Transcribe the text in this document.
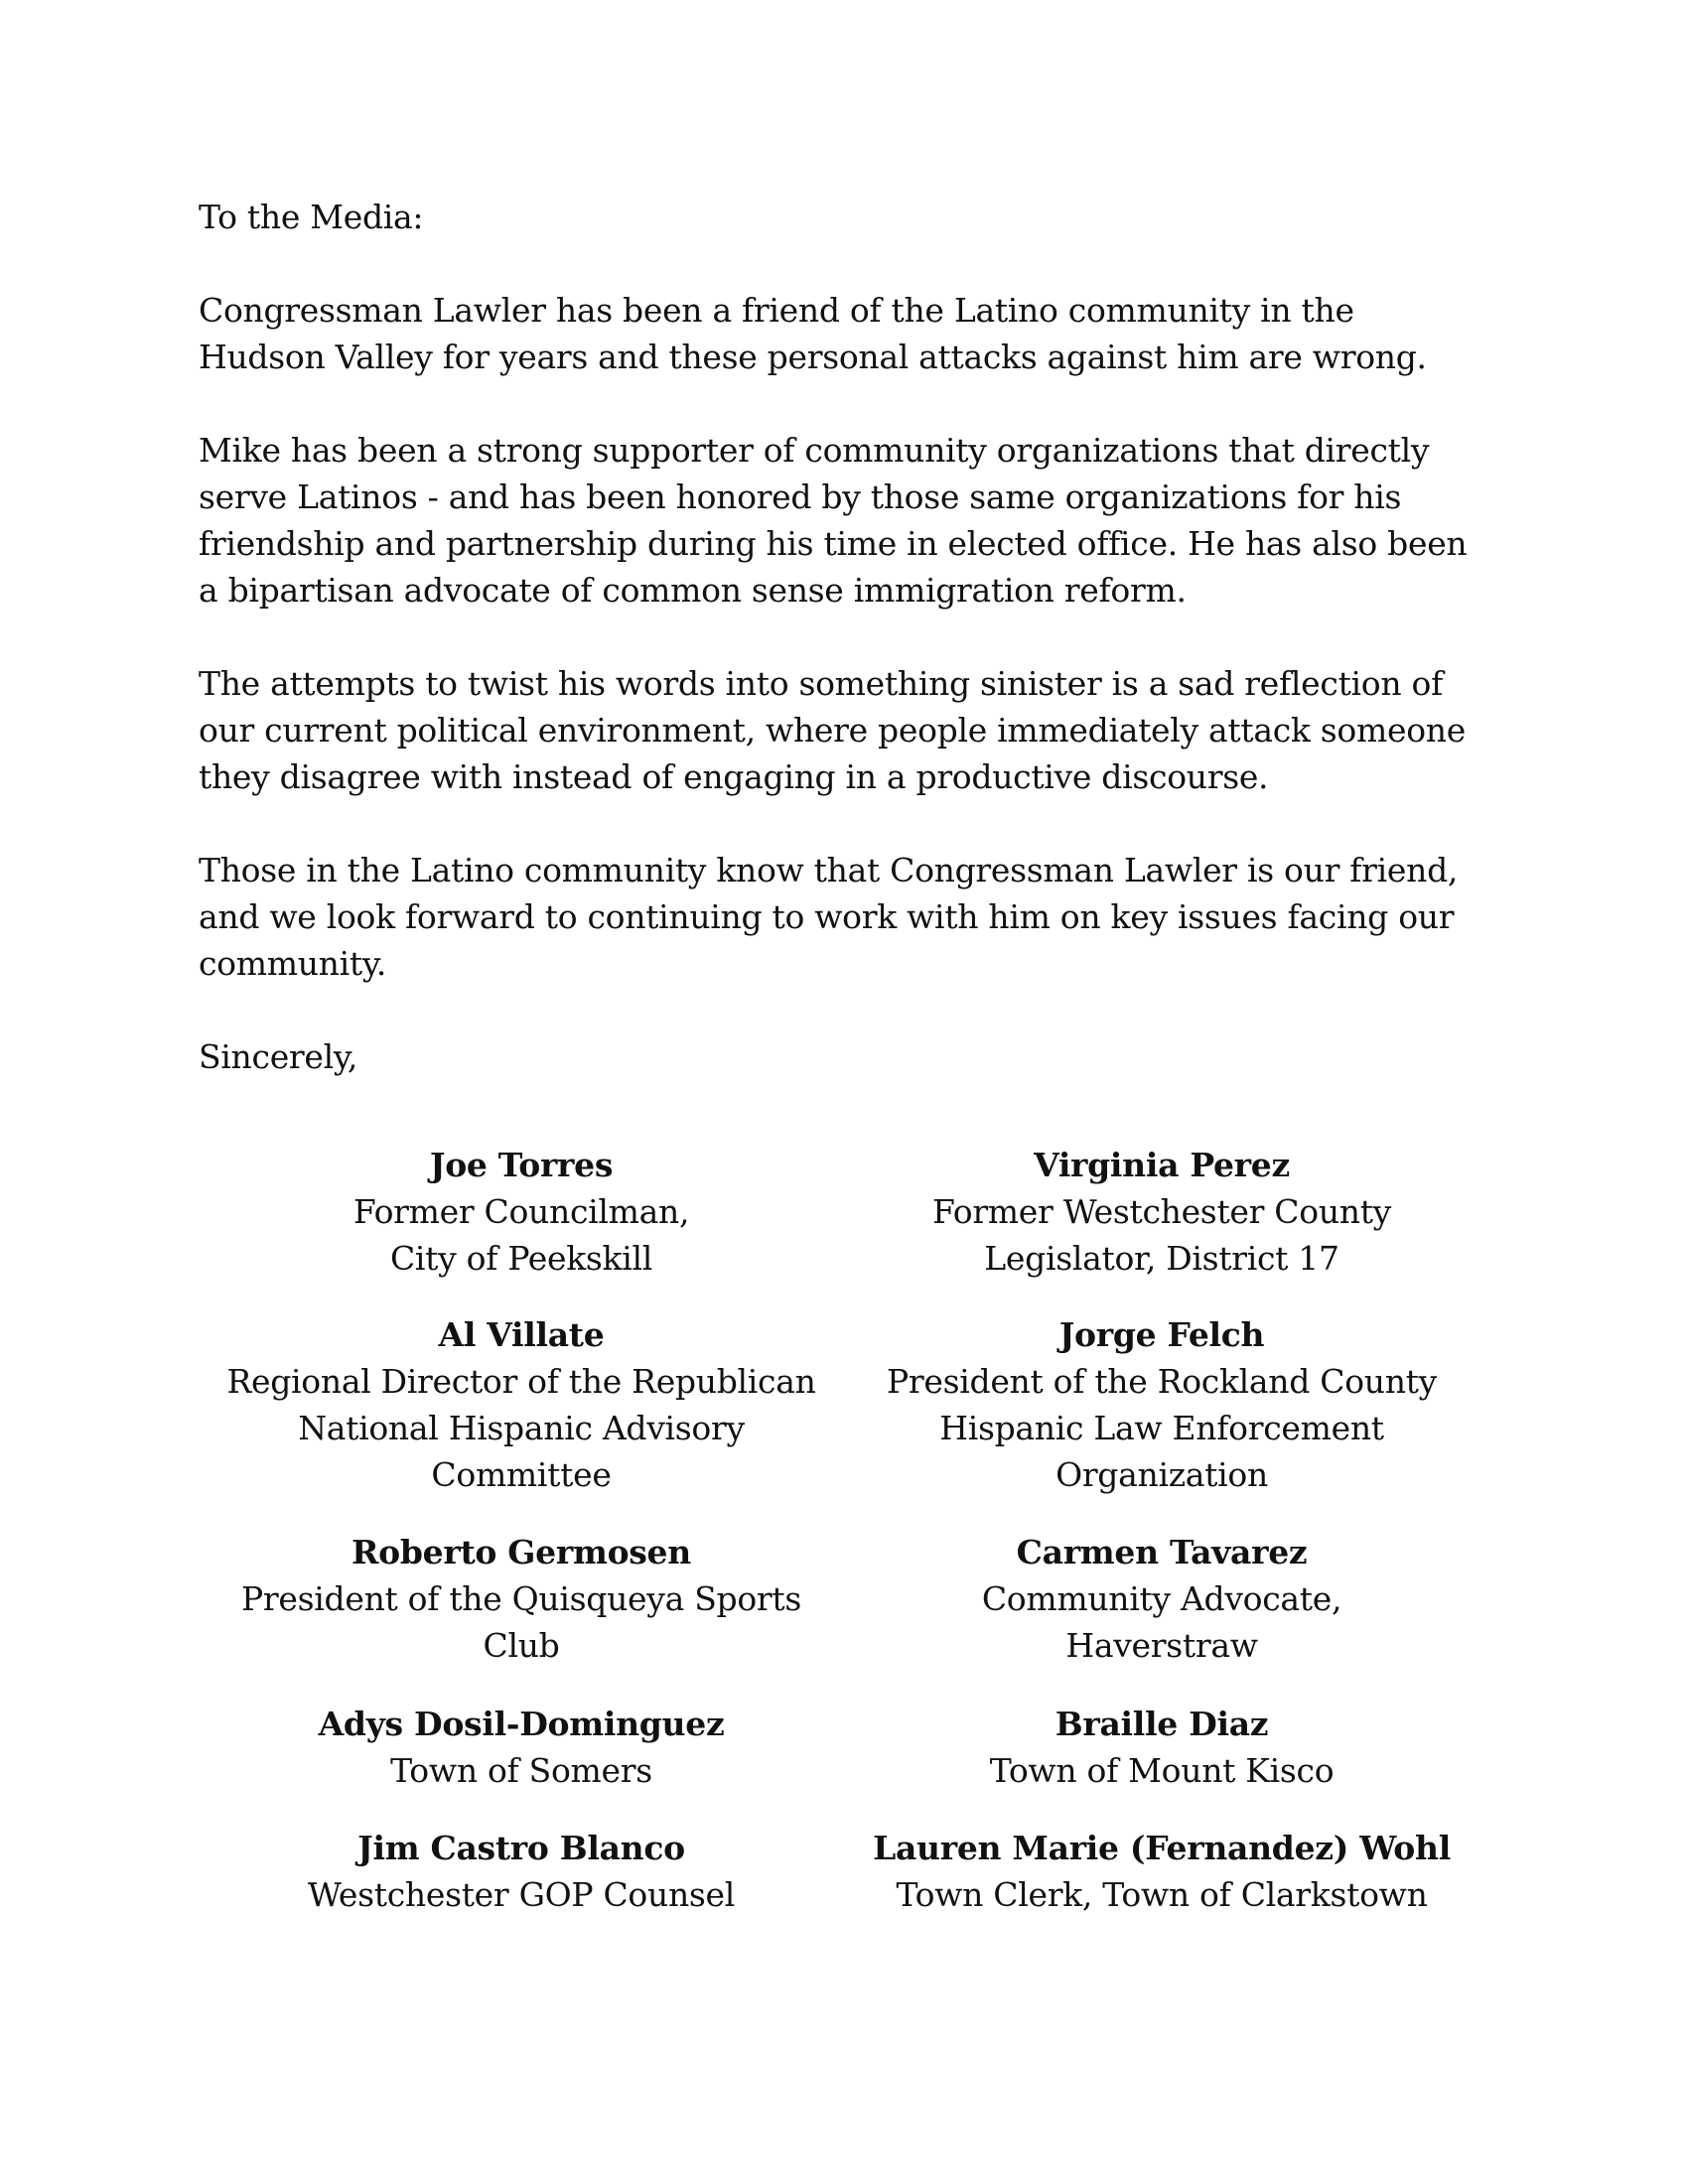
To the Media:

Congressman Lawler has been a friend of the Latino community in the Hudson Valley for years and these personal attacks against him are wrong.

Mike has been a strong supporter of community organizations that directly serve Latinos - and has been honored by those same organizations for his friendship and partnership during his time in elected office. He has also been a bipartisan advocate of common sense immigration reform.

The attempts to twist his words into something sinister is a sad reflection of our current political environment, where people immediately attack someone they disagree with instead of engaging in a productive discourse.

Those in the Latino community know that Congressman Lawler is our friend, and we look forward to continuing to work with him on key issues facing our community.

Sincerely,

Joe Torres
Former Councilman,
City of Peekskill
Virginia Perez
Former Westchester County
Legislator, District 17
Al Villate
Regional Director of the Republican
National Hispanic Advisory
Committee
Jorge Felch
President of the Rockland County
Hispanic Law Enforcement
Organization
Roberto Germosen
President of the Quisqueya Sports
Club
Carmen Tavarez
Community Advocate,
Haverstraw
Adys Dosil-Dominguez
Town of Somers
Braille Diaz
Town of Mount Kisco
Jim Castro Blanco
Westchester GOP Counsel
Lauren Marie (Fernandez) Wohl
Town Clerk, Town of Clarkstown
